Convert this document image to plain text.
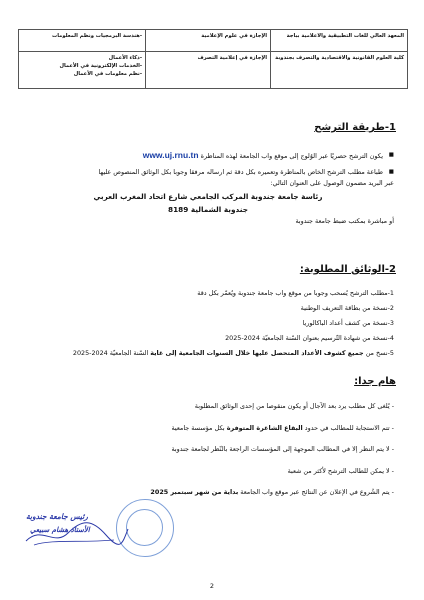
المعهد العالي للغات التطبيقية والاعلامية بباجة	الإجازة في علوم الإعلامية	-هندسة البرمجيات ونظم المعلومات
كلية العلوم القانونية والاقتصادية والتصرف بجندوبة	الإجازة في إعلامية التصرف	-ذكاء الأعمال
-الخدمات الإلكترونية في الأعمال
-نظم معلومات في الأعمال
1-طريقة الترشح

■ يكون الترشح حصريًا عبر الوُلوج إلى موقع واب الجامعة لهذه المناظرة www.uj.rnu.tn

■ طباعة مطلب الترشح الخاص بالمناظرة وتعميره بكل دقة ثم ارساله مرفقا وجوبا بكل الوثائق المنصوص عليها

عبر البريد مضمون الوصول على العنوان التالي:

رئاسة جامعة جندوبة المركب الجامعي شارع اتحاد المغرب العربي

جندوبة الشمالية 8189

أو مباشرة بمكتب ضبط جامعة جندوبة

2-الوثائق المطلوبة:

1-مطلب الترشح يُسحب وجوبا من موقع واب جامعة جندوبة ويُعمّر بكل دقة

2-نسخة من بطاقة التعريف الوطنية

3-نسخة من كشف أعداد الباكالوريا

4-نسخة من شهادة التّرسيم بعنوان السّنة الجامعيّة 2024-2025

5-نسخ من جميع كشوف الأعداد المتحصل عليها خلال السنوات الجامعية إلى غاية السّنة الجامعيّة 2024-2025

هام جدا:

- يُلغى كل مطلب يرد بعد الآجال أو يكون منقوصا من إحدى الوثائق المطلوبة

- تتم الاستجابة للمطالب في حدود البقاع الشاغرة المتوفرة بكل مؤسسة جامعية

- لا يتم النظر إلا في المطالب الموجهة إلى المؤسسات الراجعة بالنّظر لجامعة جندوبة

- لا يمكن للطالب الترشح لأكثر من شعبة

- يتم الشُروع في الإعلان عن النتائج عبر موقع واب الجامعة بداية من شهر سبتمبر 2025

رئيس جامعة جندوبة
الأستاذ هشام سبيعي
2
